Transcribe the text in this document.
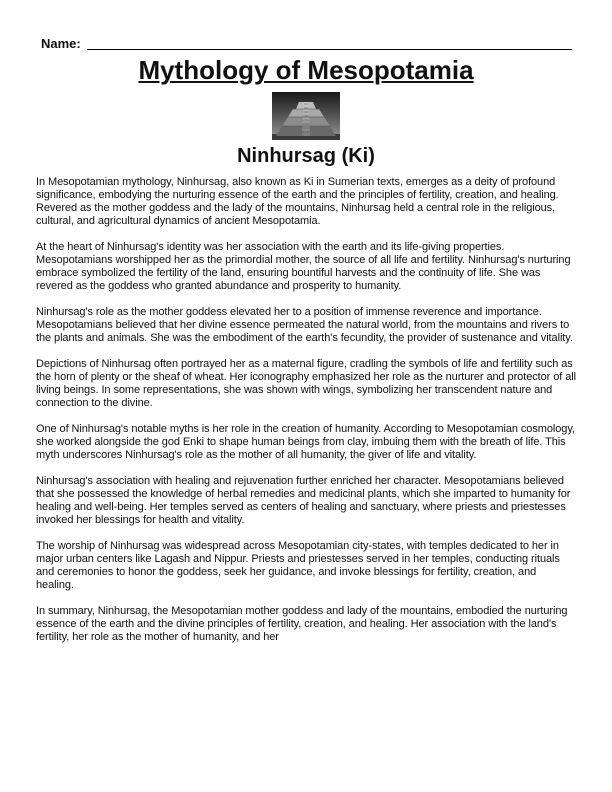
Name:
Mythology of Mesopotamia
Ninhursag (Ki)

In Mesopotamian mythology, Ninhursag, also known as Ki in Sumerian texts, emerges as a deity of profound significance, embodying the nurturing essence of the earth and the principles of fertility, creation, and healing. Revered as the mother goddess and the lady of the mountains, Ninhursag held a central role in the religious, cultural, and agricultural dynamics of ancient Mesopotamia.

At the heart of Ninhursag's identity was her association with the earth and its life-giving properties. Mesopotamians worshipped her as the primordial mother, the source of all life and fertility. Ninhursag's nurturing embrace symbolized the fertility of the land, ensuring bountiful harvests and the continuity of life. She was revered as the goddess who granted abundance and prosperity to humanity.

Ninhursag's role as the mother goddess elevated her to a position of immense reverence and importance. Mesopotamians believed that her divine essence permeated the natural world, from the mountains and rivers to the plants and animals. She was the embodiment of the earth's fecundity, the provider of sustenance and vitality.

Depictions of Ninhursag often portrayed her as a maternal figure, cradling the symbols of life and fertility such as the horn of plenty or the sheaf of wheat. Her iconography emphasized her role as the nurturer and protector of all living beings. In some representations, she was shown with wings, symbolizing her transcendent nature and connection to the divine.

One of Ninhursag's notable myths is her role in the creation of humanity. According to Mesopotamian cosmology, she worked alongside the god Enki to shape human beings from clay, imbuing them with the breath of life. This myth underscores Ninhursag's role as the mother of all humanity, the giver of life and vitality.

Ninhursag's association with healing and rejuvenation further enriched her character. Mesopotamians believed that she possessed the knowledge of herbal remedies and medicinal plants, which she imparted to humanity for healing and well-being. Her temples served as centers of healing and sanctuary, where priests and priestesses invoked her blessings for health and vitality.

The worship of Ninhursag was widespread across Mesopotamian city-states, with temples dedicated to her in major urban centers like Lagash and Nippur. Priests and priestesses served in her temples, conducting rituals and ceremonies to honor the goddess, seek her guidance, and invoke blessings for fertility, creation, and healing.

In summary, Ninhursag, the Mesopotamian mother goddess and lady of the mountains, embodied the nurturing essence of the earth and the divine principles of fertility, creation, and healing. Her association with the land's fertility, her role as the mother of humanity, and her
